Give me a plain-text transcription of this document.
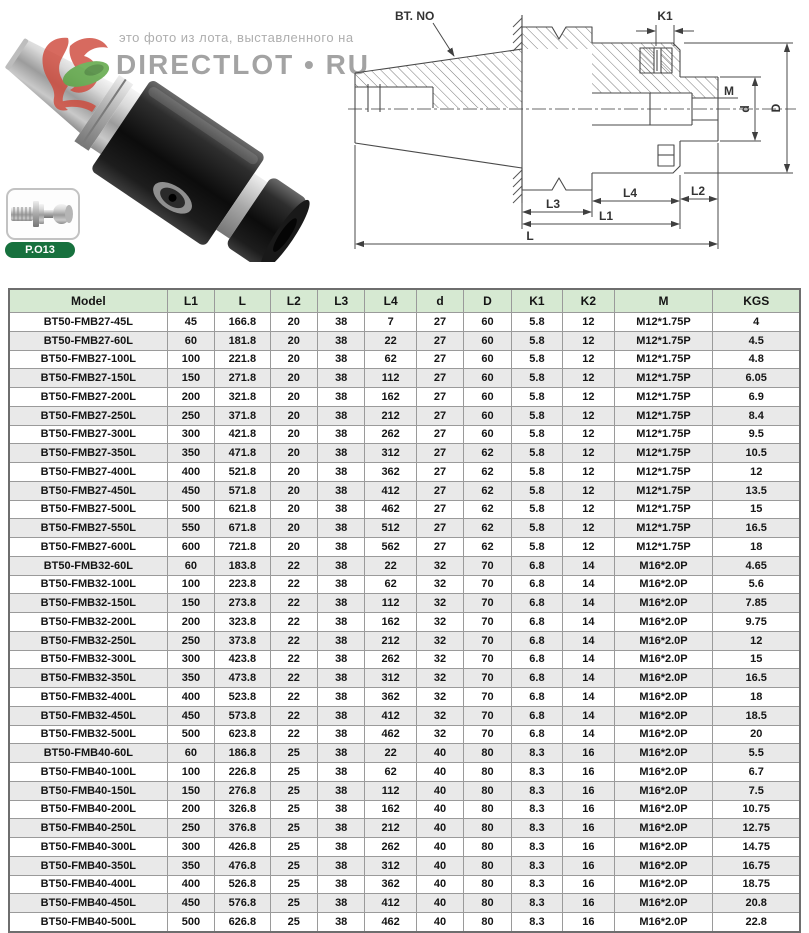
это фото из лота, выставленного на
DIRECTLOT • RU
P.O13
BT. NO	K1
M
d D
L3
L4	L2
L1
L
Model	L1	L	L2	L3	L4	d	D	K1	K2	M	KGS
BT50-FMB27-45L	45	166.8	20	38	7	27	60	5.8	12	M12*1.75P	4
BT50-FMB27-60L	60	181.8	20	38	22	27	60	5.8	12	M12*1.75P	4.5
BT50-FMB27-100L	100	221.8	20	38	62	27	60	5.8	12	M12*1.75P	4.8
BT50-FMB27-150L	150	271.8	20	38	112	27	60	5.8	12	M12*1.75P	6.05
BT50-FMB27-200L	200	321.8	20	38	162	27	60	5.8	12	M12*1.75P	6.9
BT50-FMB27-250L	250	371.8	20	38	212	27	60	5.8	12	M12*1.75P	8.4
BT50-FMB27-300L	300	421.8	20	38	262	27	60	5.8	12	M12*1.75P	9.5
BT50-FMB27-350L	350	471.8	20	38	312	27	62	5.8	12	M12*1.75P	10.5
BT50-FMB27-400L	400	521.8	20	38	362	27	62	5.8	12	M12*1.75P	12
BT50-FMB27-450L	450	571.8	20	38	412	27	62	5.8	12	M12*1.75P	13.5
BT50-FMB27-500L	500	621.8	20	38	462	27	62	5.8	12	M12*1.75P	15
BT50-FMB27-550L	550	671.8	20	38	512	27	62	5.8	12	M12*1.75P	16.5
BT50-FMB27-600L	600	721.8	20	38	562	27	62	5.8	12	M12*1.75P	18
BT50-FMB32-60L	60	183.8	22	38	22	32	70	6.8	14	M16*2.0P	4.65
BT50-FMB32-100L	100	223.8	22	38	62	32	70	6.8	14	M16*2.0P	5.6
BT50-FMB32-150L	150	273.8	22	38	112	32	70	6.8	14	M16*2.0P	7.85
BT50-FMB32-200L	200	323.8	22	38	162	32	70	6.8	14	M16*2.0P	9.75
BT50-FMB32-250L	250	373.8	22	38	212	32	70	6.8	14	M16*2.0P	12
BT50-FMB32-300L	300	423.8	22	38	262	32	70	6.8	14	M16*2.0P	15
BT50-FMB32-350L	350	473.8	22	38	312	32	70	6.8	14	M16*2.0P	16.5
BT50-FMB32-400L	400	523.8	22	38	362	32	70	6.8	14	M16*2.0P	18
BT50-FMB32-450L	450	573.8	22	38	412	32	70	6.8	14	M16*2.0P	18.5
BT50-FMB32-500L	500	623.8	22	38	462	32	70	6.8	14	M16*2.0P	20
BT50-FMB40-60L	60	186.8	25	38	22	40	80	8.3	16	M16*2.0P	5.5
BT50-FMB40-100L	100	226.8	25	38	62	40	80	8.3	16	M16*2.0P	6.7
BT50-FMB40-150L	150	276.8	25	38	112	40	80	8.3	16	M16*2.0P	7.5
BT50-FMB40-200L	200	326.8	25	38	162	40	80	8.3	16	M16*2.0P	10.75
BT50-FMB40-250L	250	376.8	25	38	212	40	80	8.3	16	M16*2.0P	12.75
BT50-FMB40-300L	300	426.8	25	38	262	40	80	8.3	16	M16*2.0P	14.75
BT50-FMB40-350L	350	476.8	25	38	312	40	80	8.3	16	M16*2.0P	16.75
BT50-FMB40-400L	400	526.8	25	38	362	40	80	8.3	16	M16*2.0P	18.75
BT50-FMB40-450L	450	576.8	25	38	412	40	80	8.3	16	M16*2.0P	20.8
BT50-FMB40-500L	500	626.8	25	38	462	40	80	8.3	16	M16*2.0P	22.8
